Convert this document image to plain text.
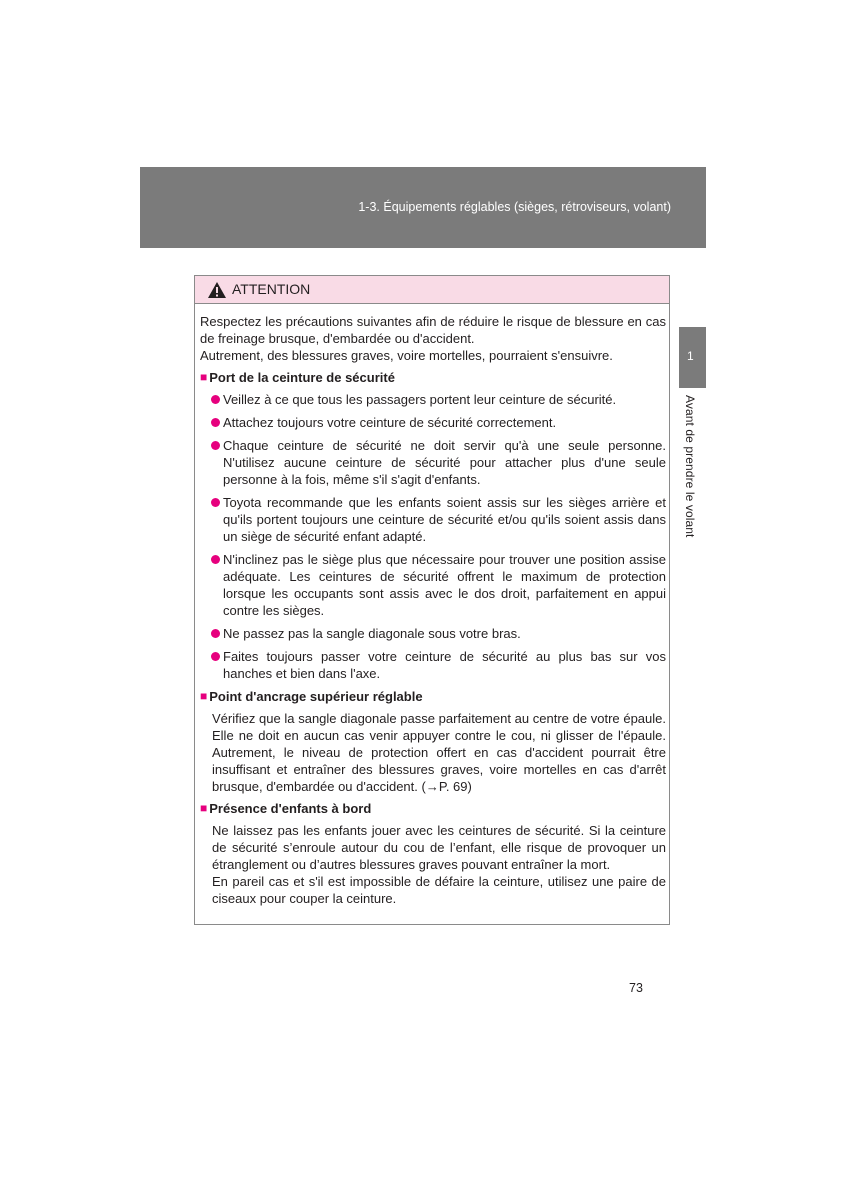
1-3. Équipements réglables (sièges, rétroviseurs, volant)
1
Avant de prendre le volant
ATTENTION

Respectez les précautions suivantes afin de réduire le risque de blessure en cas de freinage brusque, d'embardée ou d'accident.

Autrement, des blessures graves, voire mortelles, pourraient s'ensuivre.

■ Port de la ceinture de sécurité

Veillez à ce que tous les passagers portent leur ceinture de sécurité.

Attachez toujours votre ceinture de sécurité correctement.

Chaque ceinture de sécurité ne doit servir qu'à une seule personne. N'utilisez aucune ceinture de sécurité pour attacher plus d'une seule personne à la fois, même s'il s'agit d'enfants.

Toyota recommande que les enfants soient assis sur les sièges arrière et qu'ils portent toujours une ceinture de sécurité et/ou qu'ils soient assis dans un siège de sécurité enfant adapté.

N'inclinez pas le siège plus que nécessaire pour trouver une position assise adéquate. Les ceintures de sécurité offrent le maximum de protection lorsque les occupants sont assis avec le dos droit, parfaitement en appui contre les sièges.

Ne passez pas la sangle diagonale sous votre bras.

Faites toujours passer votre ceinture de sécurité au plus bas sur vos hanches et bien dans l'axe.

■ Point d'ancrage supérieur réglable

Vérifiez que la sangle diagonale passe parfaitement au centre de votre épaule. Elle ne doit en aucun cas venir appuyer contre le cou, ni glisser de l'épaule. Autrement, le niveau de protection offert en cas d'accident pourrait être insuffisant et entraîner des blessures graves, voire mortelles en cas d'arrêt brusque, d'embardée ou d'accident. (→P. 69)

■ Présence d'enfants à bord

Ne laissez pas les enfants jouer avec les ceintures de sécurité. Si la ceinture de sécurité s’enroule autour du cou de l’enfant, elle risque de provoquer un étranglement ou d’autres blessures graves pouvant entraîner la mort.

En pareil cas et s'il est impossible de défaire la ceinture, utilisez une paire de ciseaux pour couper la ceinture.

73
